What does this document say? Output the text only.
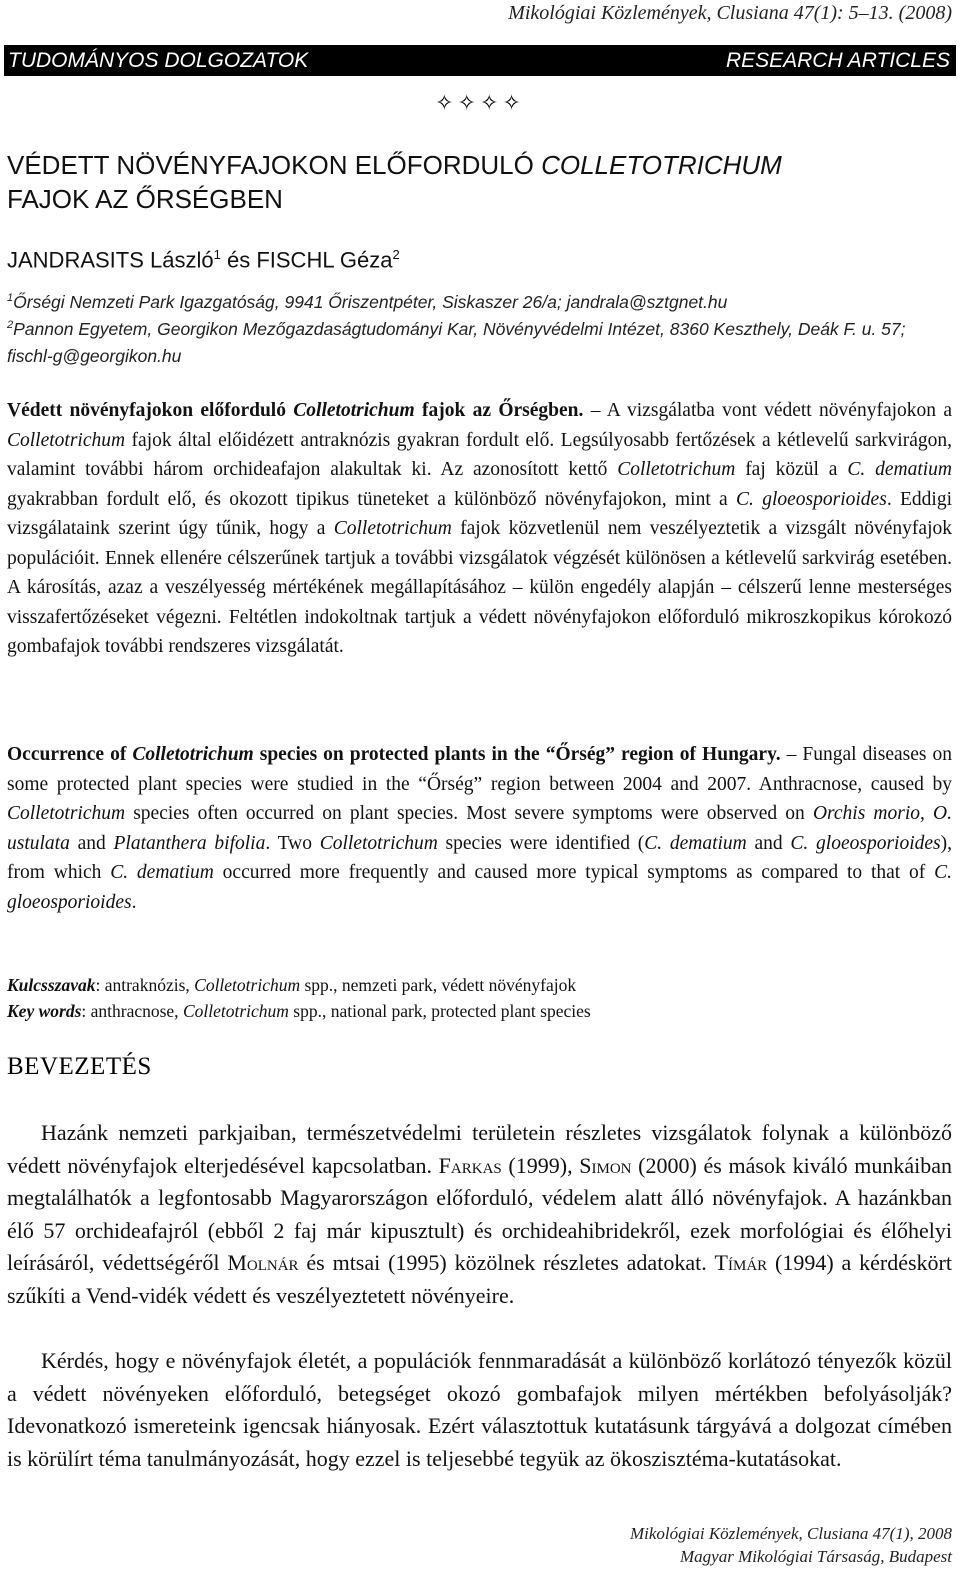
Mikológiai Közlemények, Clusiana 47(1): 5–13. (2008)

TUDOMÁNYOS DOLGOZATOK	RESEARCH ARTICLES
✧✧✧✧
VÉDETT NÖVÉNYFAJOKON ELŐFORDULÓ COLLETOTRICHUM
FAJOK AZ ŐRSÉGBEN

JANDRASITS László$^1$ és FISCHL Géza$^2$

$^1$Őrségi Nemzeti Park Igazgatóság, 9941 Őriszentpéter, Siskaszer 26/a; jandrala@sztgnet.hu

$^2$Pannon Egyetem, Georgikon Mezőgazdaságtudományi Kar, Növényvédelmi Intézet, 8360 Keszthely, Deák F. u. 57; fischl-g@georgikon.hu

Védett növényfajokon előforduló Colletotrichum fajok az Őrségben. – A vizsgálatba vont védett növényfajokon a Colletotrichum fajok által előidézett antraknózis gyakran fordult elő. Legsúlyosabb fertőzések a kétlevelű sarkvirágon, valamint további három orchideafajon alakultak ki. Az azonosított kettő Colletotrichum faj közül a C. dematium gyakrabban fordult elő, és okozott tipikus tüneteket a különböző növényfajokon, mint a C. gloeosporioides. Eddigi vizsgálataink szerint úgy tűnik, hogy a Colletotrichum fajok közvetlenül nem veszélyeztetik a vizsgált növényfajok populációit. Ennek ellenére célszerűnek tartjuk a további vizsgálatok végzését különösen a kétlevelű sarkvirág esetében. A károsítás, azaz a veszélyesség mértékének megállapításához – külön engedély alapján – célszerű lenne mesterséges visszafertőzéseket végezni. Feltétlen indokoltnak tartjuk a védett növényfajokon előforduló mikroszkopikus kórokozó gombafajok további rendszeres vizsgálatát.

Occurrence of Colletotrichum species on protected plants in the “Őrség” region of Hungary. – Fungal diseases on some protected plant species were studied in the “Őrség” region between 2004 and 2007. Anthracnose, caused by Colletotrichum species often occurred on plant species. Most severe symptoms were observed on Orchis morio, O. ustulata and Platanthera bifolia. Two Colletotrichum species were identified (C. dematium and C. gloeosporioides), from which C. dematium occurred more frequently and caused more typical symptoms as compared to that of C. gloeosporioides.

Kulcsszavak: antraknózis, Colletotrichum spp., nemzeti park, védett növényfajok

Key words: anthracnose, Colletotrichum spp., national park, protected plant species

BEVEZETÉS

Hazánk nemzeti parkjaiban, természetvédelmi területein részletes vizsgálatok folynak a különböző védett növényfajok elterjedésével kapcsolatban. Farkas (1999), Simon (2000) és mások kiváló munkáiban megtalálhatók a legfontosabb Magyarországon előforduló, védelem alatt álló növényfajok. A hazánkban élő 57 orchideafajról (ebből 2 faj már kipusztult) és orchideahibridekről, ezek morfológiai és élőhelyi leírásáról, védettségéről Molnár és mtsai (1995) közölnek részletes adatokat. Tímár (1994) a kérdéskört szűkíti a Vend-vidék védett és veszélyeztetett növényeire.

Kérdés, hogy e növényfajok életét, a populációk fennmaradását a különböző korlátozó tényezők közül a védett növényeken előforduló, betegséget okozó gombafajok milyen mértékben befolyásolják? Idevonatkozó ismereteink igencsak hiányosak. Ezért választottuk kutatásunk tárgyává a dolgozat címében is körülírt téma tanulmányozását, hogy ezzel is teljesebbé tegyük az ökoszisztéma-kutatásokat.

Mikológiai Közlemények, Clusiana 47(1), 2008

Magyar Mikológiai Társaság, Budapest
